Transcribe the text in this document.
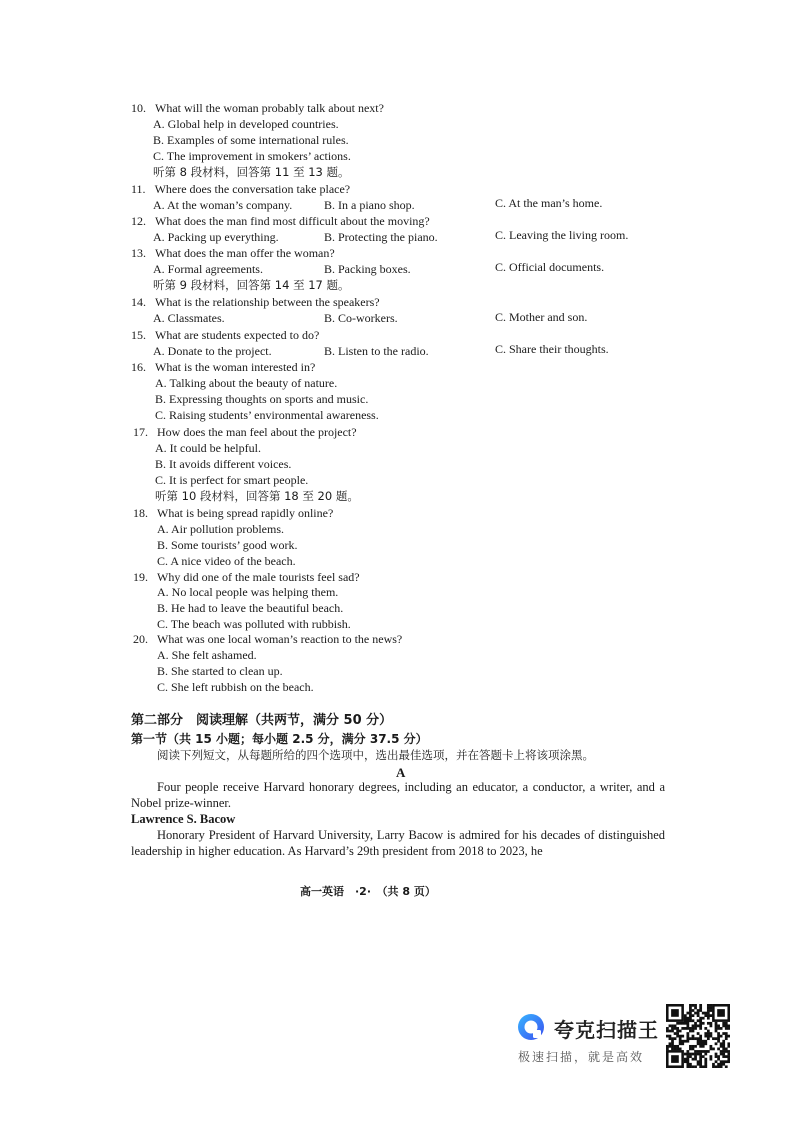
10. What will the woman probably talk about next?
A. Global help in developed countries.
B. Examples of some international rules.
C. The improvement in smokers’ actions.
听第 8 段材料，回答第 11 至 13 题。
11. Where does the conversation take place?
A. At the woman’s company.	B. In a piano shop.	C. At the man’s home.
12. What does the man find most difficult about the moving?
A. Packing up everything.	B. Protecting the piano.	C. Leaving the living room.
13. What does the man offer the woman?
A. Formal agreements.	B. Packing boxes.	C. Official documents.
听第 9 段材料，回答第 14 至 17 题。
14. What is the relationship between the speakers?
A. Classmates.	B. Co-workers.	C. Mother and son.
15. What are students expected to do?
A. Donate to the project.	B. Listen to the radio.	C. Share their thoughts.
16. What is the woman interested in?
A. Talking about the beauty of nature.
B. Expressing thoughts on sports and music.
C. Raising students’ environmental awareness.
17. How does the man feel about the project?
A. It could be helpful.
B. It avoids different voices.
C. It is perfect for smart people.
听第 10 段材料，回答第 18 至 20 题。
18. What is being spread rapidly online?
A. Air pollution problems.
B. Some tourists’ good work.
C. A nice video of the beach.
19. Why did one of the male tourists feel sad?
A. No local people was helping them.
B. He had to leave the beautiful beach.
C. The beach was polluted with rubbish.
20. What was one local woman’s reaction to the news?
A. She felt ashamed.
B. She started to clean up.
C. She left rubbish on the beach.
第二部分　阅读理解（共两节，满分 50 分）
第一节（共 15 小题；每小题 2.5 分，满分 37.5 分）
阅读下列短文，从每题所给的四个选项中，选出最佳选项，并在答题卡上将该项涂黑。
A
Four people receive Harvard honorary degrees, including an educator, a conductor, a writer, and a Nobel prize-winner.
Lawrence S. Bacow
Honorary President of Harvard University, Larry Bacow is admired for his decades of distinguished leadership in higher education. As Harvard’s 29th president from 2018 to 2023, he
高一英语　·2·　（共 8 页）
夸克扫描王
极速扫描，就是高效
